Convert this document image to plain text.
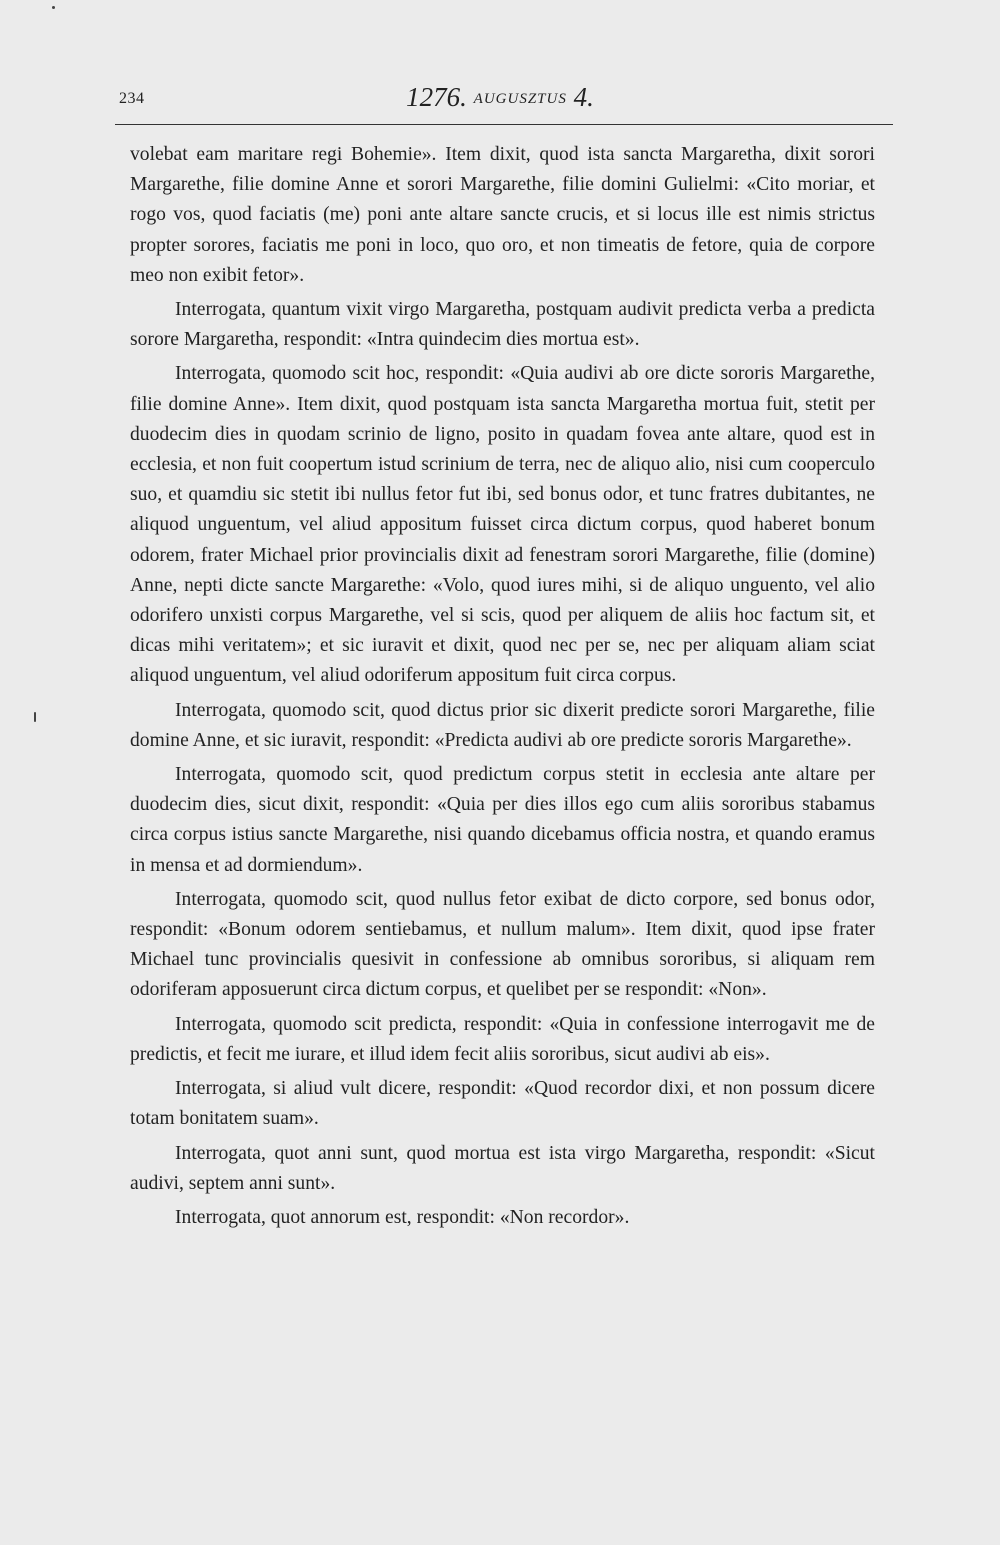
234	1276. AUGUSZTUS 4.

volebat eam maritare regi Bohemie». Item dixit, quod ista sancta Margaretha, dixit sorori Margarethe, filie domine Anne et sorori Margarethe, filie domini Gulielmi: «Cito moriar, et rogo vos, quod faciatis (me) poni ante altare sancte crucis, et si locus ille est nimis strictus propter sorores, faciatis me poni in loco, quo oro, et non timeatis de fetore, quia de corpore meo non exibit fetor».

Interrogata, quantum vixit virgo Margaretha, postquam audivit predicta verba a predicta sorore Margaretha, respondit: «Intra quindecim dies mortua est».

Interrogata, quomodo scit hoc, respondit: «Quia audivi ab ore dicte sororis Margarethe, filie domine Anne». Item dixit, quod postquam ista sancta Margaretha mortua fuit, stetit per duodecim dies in quodam scrinio de ligno, posito in quadam fovea ante altare, quod est in ecclesia, et non fuit coopertum istud scrinium de terra, nec de aliquo alio, nisi cum cooperculo suo, et quamdiu sic stetit ibi nullus fetor fut ibi, sed bonus odor, et tunc fratres dubitantes, ne aliquod unguentum, vel aliud appositum fuisset circa dictum corpus, quod haberet bonum odorem, frater Michael prior provincialis dixit ad fenestram sorori Margarethe, filie (domine) Anne, nepti dicte sancte Margarethe: «Volo, quod iures mihi, si de aliquo unguento, vel alio odorifero unxisti corpus Margarethe, vel si scis, quod per aliquem de aliis hoc factum sit, et dicas mihi veritatem»; et sic iuravit et dixit, quod nec per se, nec per aliquam aliam sciat aliquod unguentum, vel aliud odoriferum appositum fuit circa corpus.

Interrogata, quomodo scit, quod dictus prior sic dixerit predicte sorori Margarethe, filie domine Anne, et sic iuravit, respondit: «Predicta audivi ab ore predicte sororis Margarethe».

Interrogata, quomodo scit, quod predictum corpus stetit in ecclesia ante altare per duodecim dies, sicut dixit, respondit: «Quia per dies illos ego cum aliis sororibus stabamus circa corpus istius sancte Margarethe, nisi quando dicebamus officia nostra, et quando eramus in mensa et ad dormiendum».

Interrogata, quomodo scit, quod nullus fetor exibat de dicto corpore, sed bonus odor, respondit: «Bonum odorem sentiebamus, et nullum malum». Item dixit, quod ipse frater Michael tunc provincialis quesivit in confessione ab omnibus sororibus, si aliquam rem odoriferam apposuerunt circa dictum corpus, et quelibet per se respondit: «Non».

Interrogata, quomodo scit predicta, respondit: «Quia in confessione interrogavit me de predictis, et fecit me iurare, et illud idem fecit aliis sororibus, sicut audivi ab eis».

Interrogata, si aliud vult dicere, respondit: «Quod recordor dixi, et non possum dicere totam bonitatem suam».

Interrogata, quot anni sunt, quod mortua est ista virgo Margaretha, respondit: «Sicut audivi, septem anni sunt».

Interrogata, quot annorum est, respondit: «Non recordor».
